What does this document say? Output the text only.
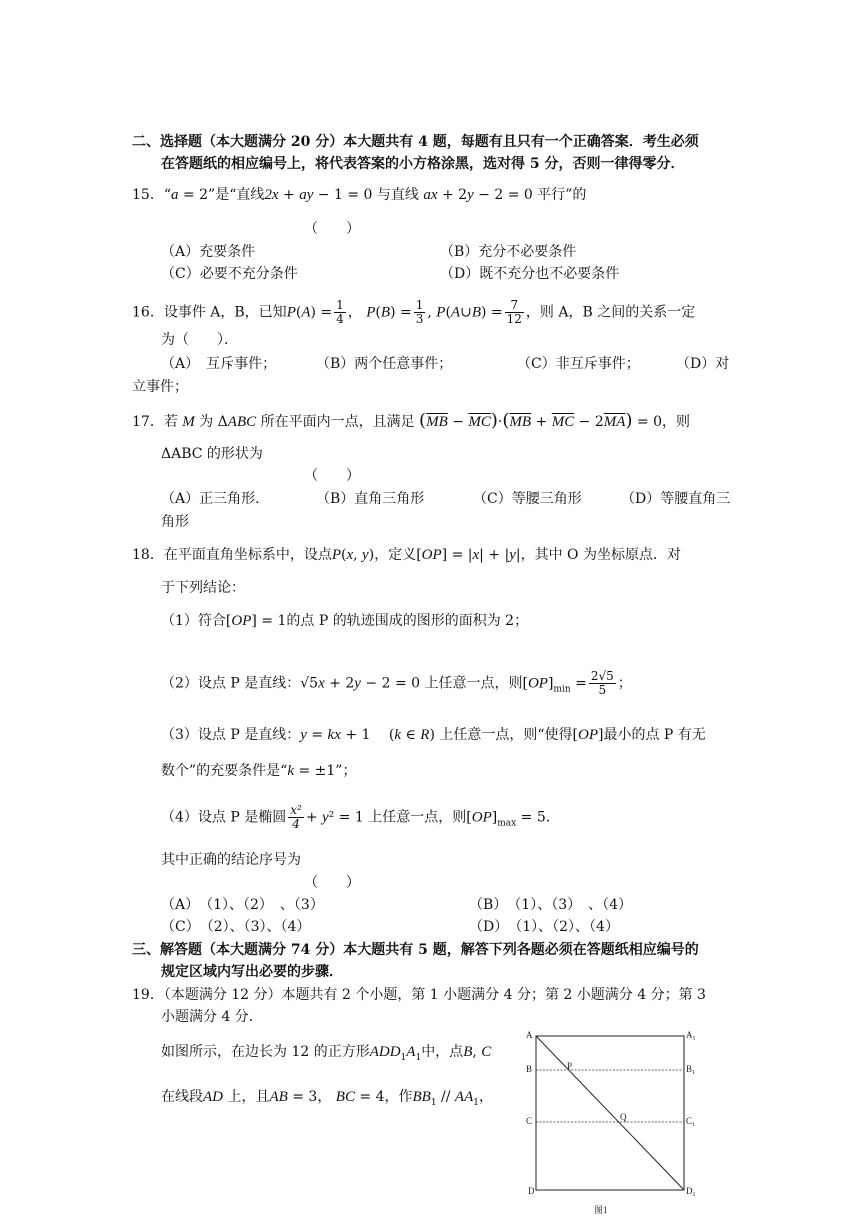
二、选择题（本大题满分 20 分）本大题共有 4 题，每题有且只有一个正确答案．考生必须
在答题纸的相应编号上，将代表答案的小方格涂黑，选对得 5 分，否则一律得零分．
15．“a = 2”是“直线2x + ay − 1 = 0 与直线 ax + 2y − 2 = 0 平行”的
（　　）
（A）充要条件	（B）充分不必要条件
（C）必要不充分条件	（D）既不充分也不必要条件
16．设事件 A，B，已知$P(A) = \frac{1}{4}$ ， $P(B) = \frac{1}{3}$ , P(A∪B) = $\frac{7}{12}$ ，则 A，B 之间的关系一定
为（　　）．
（A）　互斥事件；	（B）两个任意事件；	（C）非互斥事件；	（D）对
立事件；
17．若 M 为 ΔABC 所在平面内一点，且满足 $(\overline{MB} - \overline{MC})\cdot(\overline{MB} + \overline{MC} - 2\overline{MA}) = 0$，则
ΔABC 的形状为
（　　）
（A）正三角形.	（B）直角三角形	（C）等腰三角形	（D）等腰直角三
角形
18．在平面直角坐标系中，设点P(x, y)，定义[OP] = |x| + |y|，其中 O 为坐标原点．对
于下列结论：
（1）符合[OP] = 1的点 P 的轨迹围成的图形的面积为 2；
（2）设点 P 是直线：√5x + 2y − 2 = 0 上任意一点，则$[OP]_{min} = \frac{2√5}{5}$ ；
（3）设点 P 是直线：y = kx + 1 　(k ∈ R) 上任意一点，则“使得[OP]最小的点 P 有无
数个”的充要条件是“k = ±1”；
（4）设点 P 是椭圆 $\frac{\text{x²}}{4} + y^2 = 1$ 上任意一点，则$[OP]_{max} = 5$．
其中正确的结论序号为
（　　）
（A）　（1）、（2）　、（3）	（B）　（1）、（3）　、（4）
（C）　（2）、（3）、（4）	（D）　（1）、（2）、（4）
三、解答题（本大题满分 74 分）本大题共有 5 题，解答下列各题必须在答题纸相应编号的
规定区域内写出必要的步骤．
19．（本题满分 12 分）本题共有 2 个小题，第 1 小题满分 4 分；第 2 小题满分 4 分；第 3
小题满分 4 分．
如图所示，在边长为 12 的正方形$ADD_1A_1$中，点B, C
在线段AD 上，且AB = 3， BC = 4，作$BB_1 // AA_1$，
A	$A_1$
B	$B_1$
C	$C_1$
D	$D_1$
P
Q
图1
